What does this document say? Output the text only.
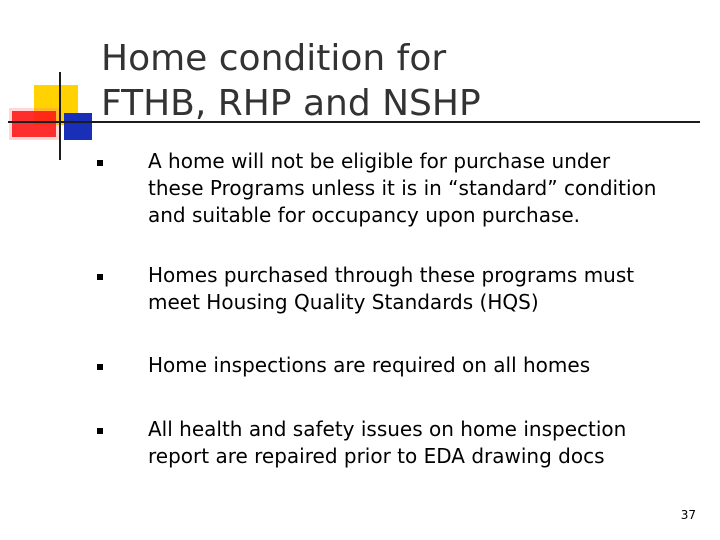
Home condition for
FTHB, RHP and NSHP
A home will not be eligible for purchase under
these Programs unless it is in “standard” condition
and suitable for occupancy upon purchase.
Homes purchased through these programs must
meet Housing Quality Standards (HQS)
Home inspections are required on all homes
All health and safety issues on home inspection
report are repaired prior to EDA drawing docs
37
